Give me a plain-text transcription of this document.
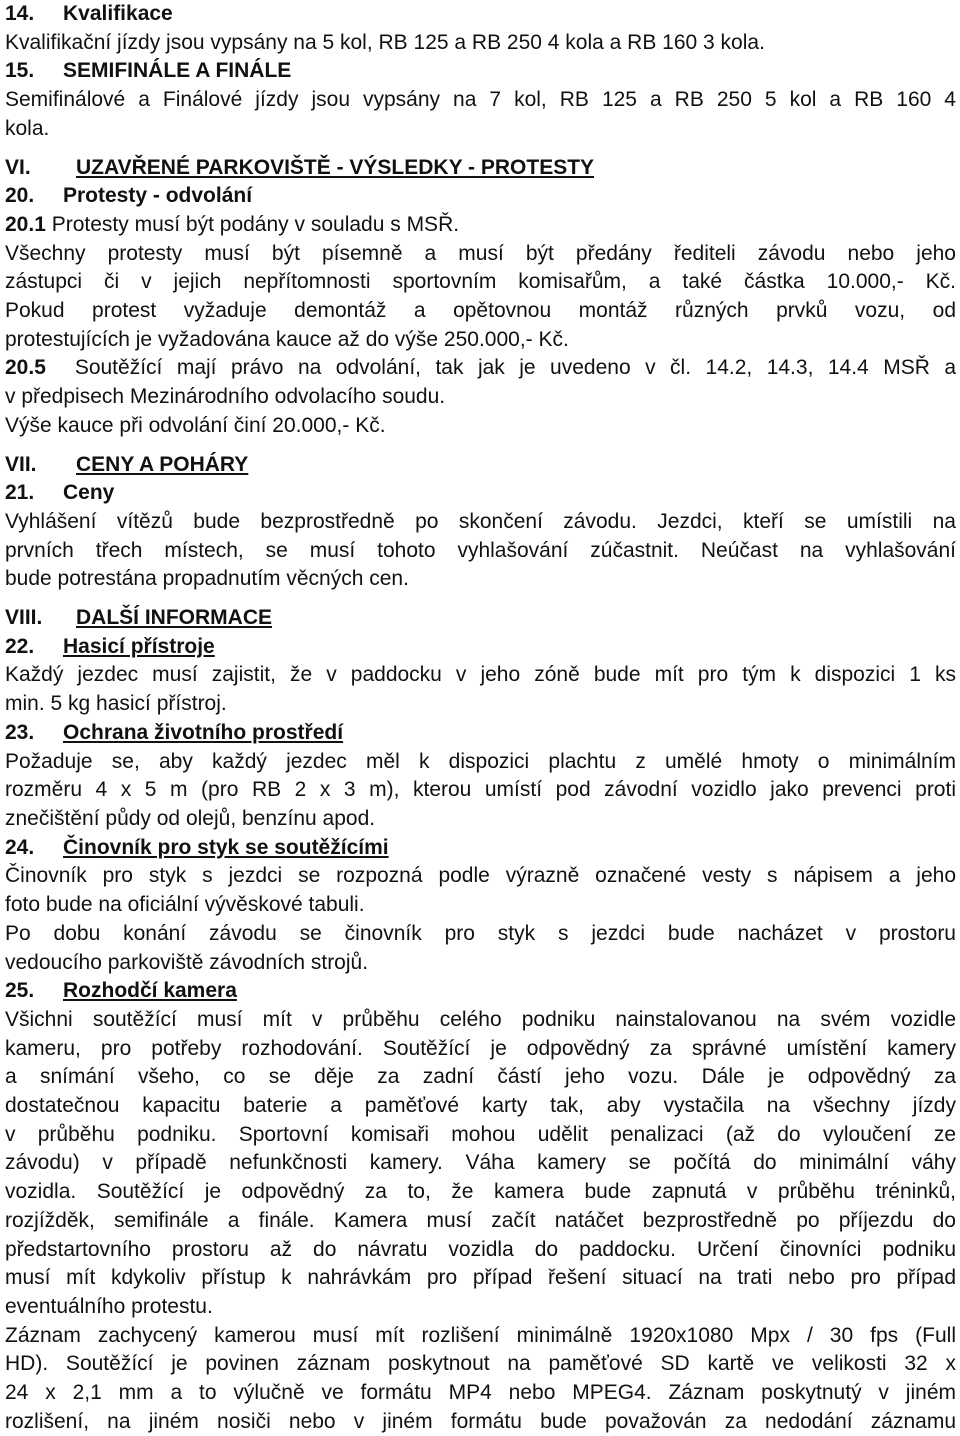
14. Kvalifikace
Kvalifikační jízdy jsou vypsány na 5 kol, RB 125 a RB 250 4 kola a RB 160 3 kola.
15. SEMIFINÁLE A FINÁLE
Semifinálové a Finálové jízdy jsou vypsány na 7 kol, RB 125 a RB 250 5 kol a RB 160 4
kola.
VI. UZAVŘENÉ PARKOVIŠTĚ - VÝSLEDKY - PROTESTY
20. Protesty - odvolání
20.1 Protesty musí být podány v souladu s MSŘ.
Všechny protesty musí být písemně a musí být předány řediteli závodu nebo jeho
zástupci či v jejich nepřítomnosti sportovním komisařům, a také částka 10.000,- Kč.
Pokud protest vyžaduje demontáž a opětovnou montáž různých prvků vozu, od
protestujících je vyžadována kauce až do výše 250.000,- Kč.
20.5 Soutěžící mají právo na odvolání, tak jak je uvedeno v čl. 14.2, 14.3, 14.4 MSŘ a
v předpisech Mezinárodního odvolacího soudu.
Výše kauce při odvolání činí 20.000,- Kč.
VII. CENY A POHÁRY
21. Ceny
Vyhlášení vítězů bude bezprostředně po skončení závodu. Jezdci, kteří se umístili na
prvních třech místech, se musí tohoto vyhlašování zúčastnit. Neúčast na vyhlašování
bude potrestána propadnutím věcných cen.
VIII. DALŠÍ INFORMACE
22. Hasicí přístroje
Každý jezdec musí zajistit, že v paddocku v jeho zóně bude mít pro tým k dispozici 1 ks
min. 5 kg hasicí přístroj.
23. Ochrana životního prostředí
Požaduje se, aby každý jezdec měl k dispozici plachtu z umělé hmoty o minimálním
rozměru 4 x 5 m (pro RB 2 x 3 m), kterou umístí pod závodní vozidlo jako prevenci proti
znečištění půdy od olejů, benzínu apod.
24. Činovník pro styk se soutěžícími
Činovník pro styk s jezdci se rozpozná podle výrazně označené vesty s nápisem a jeho
foto bude na oficiální vývěskové tabuli.
Po dobu konání závodu se činovník pro styk s jezdci bude nacházet v prostoru
vedoucího parkoviště závodních strojů.
25. Rozhodčí kamera
Všichni soutěžící musí mít v průběhu celého podniku nainstalovanou na svém vozidle
kameru, pro potřeby rozhodování. Soutěžící je odpovědný za správné umístění kamery
a snímání všeho, co se děje za zadní částí jeho vozu. Dále je odpovědný za
dostatečnou kapacitu baterie a paměťové karty tak, aby vystačila na všechny jízdy
v průběhu podniku. Sportovní komisaři mohou udělit penalizaci (až do vyloučení ze
závodu) v případě nefunkčnosti kamery. Váha kamery se počítá do minimální váhy
vozidla. Soutěžící je odpovědný za to, že kamera bude zapnutá v průběhu tréninků,
rozjížděk, semifinále a finále. Kamera musí začít natáčet bezprostředně po příjezdu do
předstartovního prostoru až do návratu vozidla do paddocku. Určení činovníci podniku
musí mít kdykoliv přístup k nahrávkám pro případ řešení situací na trati nebo pro případ
eventuálního protestu.
Záznam zachycený kamerou musí mít rozlišení minimálně 1920x1080 Mpx / 30 fps (Full
HD). Soutěžící je povinen záznam poskytnout na paměťové SD kartě ve velikosti 32 x
24 x 2,1 mm a to výlučně ve formátu MP4 nebo MPEG4. Záznam poskytnutý v jiném
rozlišení, na jiném nosiči nebo v jiném formátu bude považován za nedodání záznamu
